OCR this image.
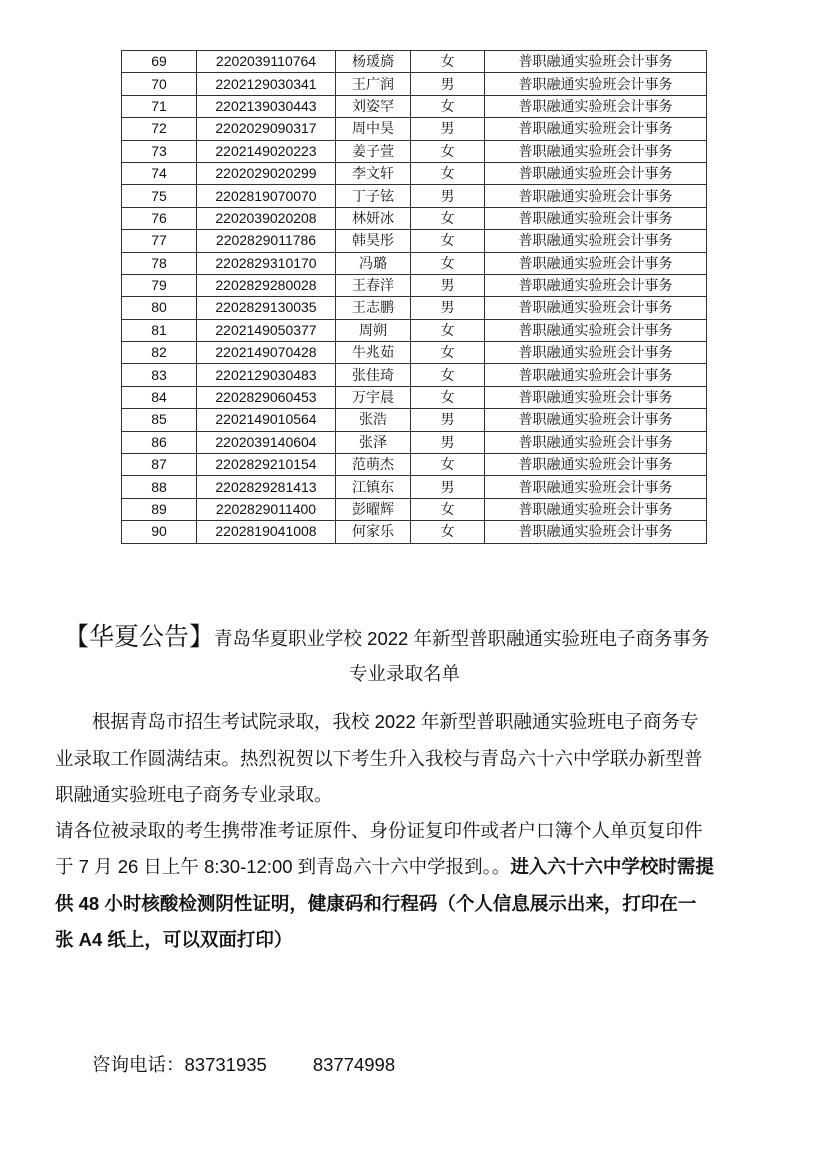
69	2202039110764	杨瑗旖	女	普职融通实验班会计事务
70	2202129030341	王广润	男	普职融通实验班会计事务
71	2202139030443	刘姿罕	女	普职融通实验班会计事务
72	2202029090317	周中昊	男	普职融通实验班会计事务
73	2202149020223	姜子萱	女	普职融通实验班会计事务
74	2202029020299	李文轩	女	普职融通实验班会计事务
75	2202819070070	丁子铉	男	普职融通实验班会计事务
76	2202039020208	林妍冰	女	普职融通实验班会计事务
77	2202829011786	韩昊彤	女	普职融通实验班会计事务
78	2202829310170	冯璐	女	普职融通实验班会计事务
79	2202829280028	王春洋	男	普职融通实验班会计事务
80	2202829130035	王志鹏	男	普职融通实验班会计事务
81	2202149050377	周朔	女	普职融通实验班会计事务
82	2202149070428	牛兆茹	女	普职融通实验班会计事务
83	2202129030483	张佳琦	女	普职融通实验班会计事务
84	2202829060453	万宇晨	女	普职融通实验班会计事务
85	2202149010564	张浩	男	普职融通实验班会计事务
86	2202039140604	张泽	男	普职融通实验班会计事务
87	2202829210154	范萌杰	女	普职融通实验班会计事务
88	2202829281413	江镇东	男	普职融通实验班会计事务
89	2202829011400	彭曜辉	女	普职融通实验班会计事务
90	2202819041008	何家乐	女	普职融通实验班会计事务
【华夏公告】青岛华夏职业学校 2022 年新型普职融通实验班电子商务事务
专业录取名单
根据青岛市招生考试院录取，我校 2022 年新型普职融通实验班电子商务专
业录取工作圆满结束。热烈祝贺以下考生升入我校与青岛六十六中学联办新型普
职融通实验班电子商务专业录取。
请各位被录取的考生携带准考证原件、身份证复印件或者户口簿个人单页复印件
于 7 月 26 日上午 8:30-12:00 到青岛六十六中学报到。。进入六十六中学校时需提
供 48 小时核酸检测阴性证明，健康码和行程码（个人信息展示出来，打印在一
张 A4 纸上，可以双面打印）
咨询电话：83731935 83774998
